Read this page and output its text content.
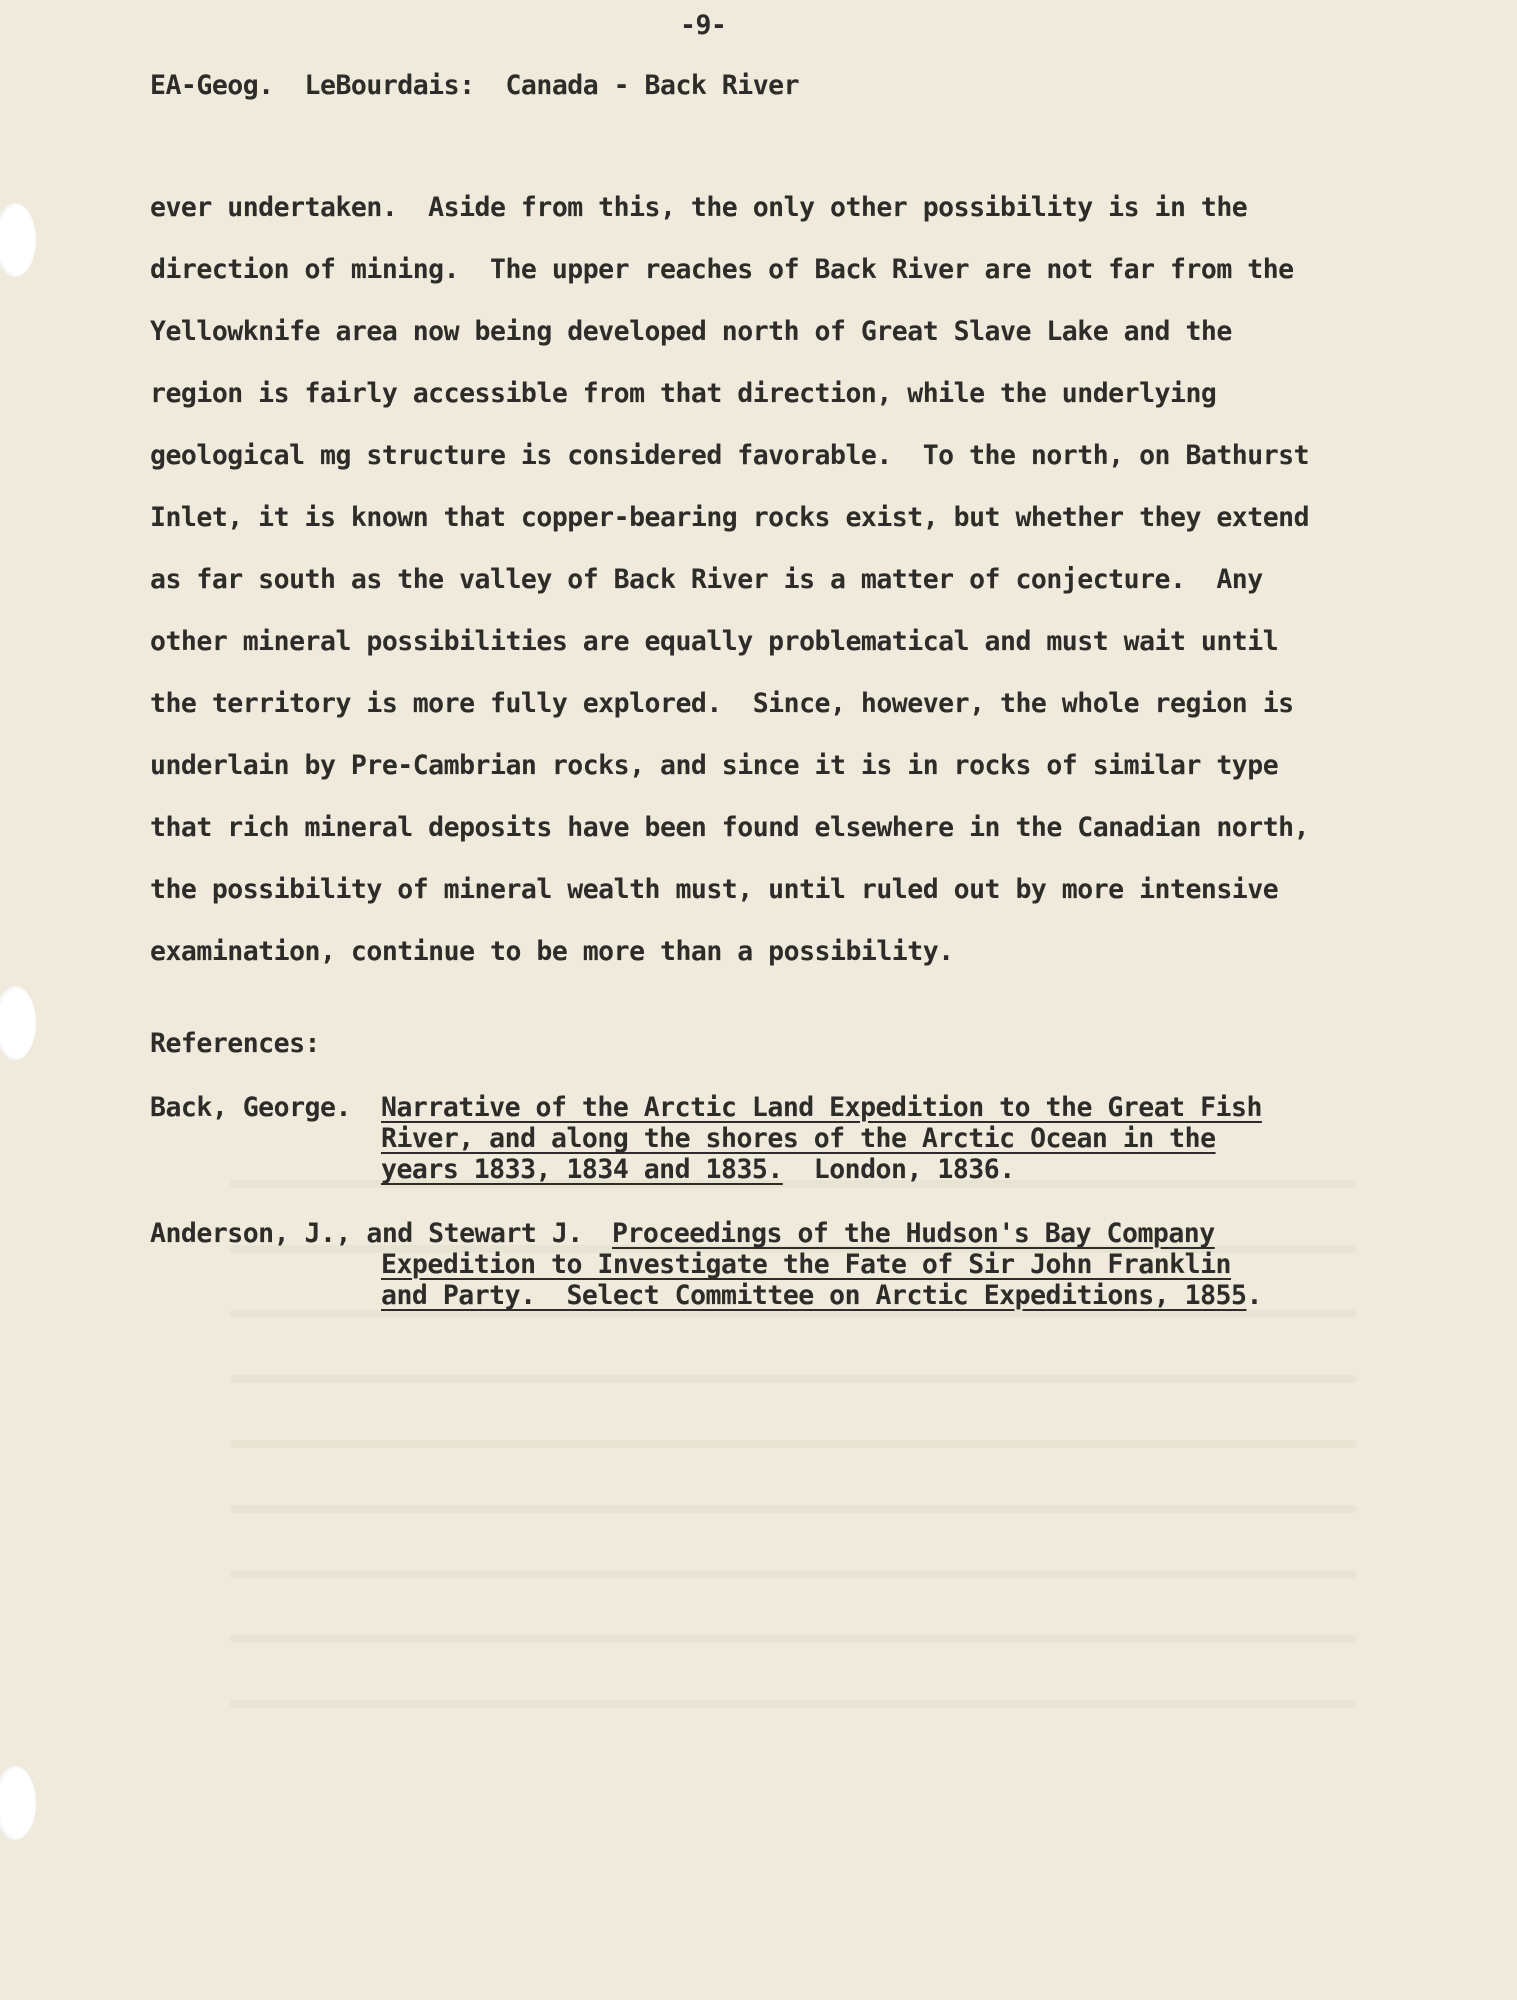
-9-
EA-Geog.  LeBourdais:  Canada - Back River
ever undertaken.  Aside from this, the only other possibility is in the
direction of mining.  The upper reaches of Back River are not far from the
Yellowknife area now being developed north of Great Slave Lake and the
region is fairly accessible from that direction, while the underlying
geological mg structure is considered favorable.  To the north, on Bathurst
Inlet, it is known that copper-bearing rocks exist, but whether they extend
as far south as the valley of Back River is a matter of conjecture.  Any
other mineral possibilities are equally problematical and must wait until
the territory is more fully explored.  Since, however, the whole region is
underlain by Pre-Cambrian rocks, and since it is in rocks of similar type
that rich mineral deposits have been found elsewhere in the Canadian north,
the possibility of mineral wealth must, until ruled out by more intensive
examination, continue to be more than a possibility.
References:
Back, George. Narrative of the Arctic Land Expedition to the Great Fish
River, and along the shores of the Arctic Ocean in the
years 1833, 1834 and 1835.  London, 1836.
Anderson, J., and Stewart J. Proceedings of the Hudson's Bay Company
Expedition to Investigate the Fate of Sir John Franklin
and Party.  Select Committee on Arctic Expeditions, 1855.
